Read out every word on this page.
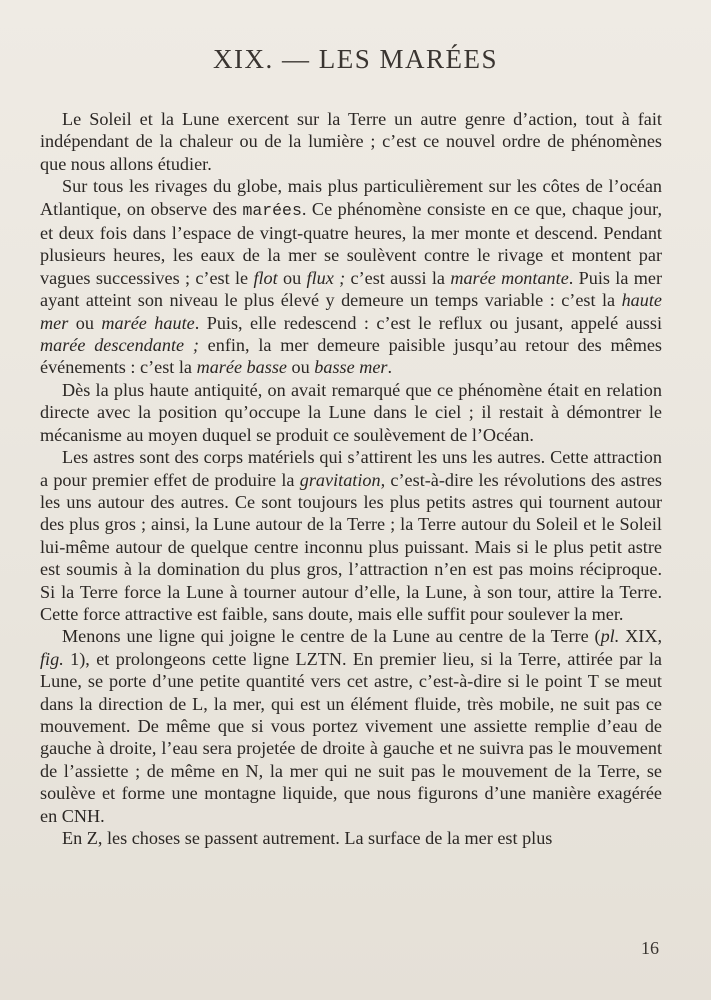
XIX. — LES MARÉES

Le Soleil et la Lune exercent sur la Terre un autre genre d’action, tout à fait indépendant de la chaleur ou de la lumière ; c’est ce nouvel ordre de phénomènes que nous allons étudier.

Sur tous les rivages du globe, mais plus particulièrement sur les côtes de l’océan Atlantique, on observe des marées. Ce phénomène consiste en ce que, chaque jour, et deux fois dans l’espace de vingt-quatre heures, la mer monte et descend. Pendant plusieurs heures, les eaux de la mer se soulèvent contre le rivage et montent par vagues successives ; c’est le flot ou flux ; c’est aussi la marée montante. Puis la mer ayant atteint son niveau le plus élevé y demeure un temps variable : c’est la haute mer ou marée haute. Puis, elle redescend : c’est le reflux ou jusant, appelé aussi marée descendante ; enfin, la mer demeure paisible jusqu’au retour des mêmes événements : c’est la marée basse ou basse mer.

Dès la plus haute antiquité, on avait remarqué que ce phénomène était en relation directe avec la position qu’occupe la Lune dans le ciel ; il restait à démontrer le mécanisme au moyen duquel se produit ce soulèvement de l’Océan.

Les astres sont des corps matériels qui s’attirent les uns les autres. Cette attraction a pour premier effet de produire la gravitation, c’est-à-dire les révolutions des astres les uns autour des autres. Ce sont toujours les plus petits astres qui tournent autour des plus gros ; ainsi, la Lune autour de la Terre ; la Terre autour du Soleil et le Soleil lui-même autour de quelque centre inconnu plus puissant. Mais si le plus petit astre est soumis à la domination du plus gros, l’attraction n’en est pas moins réciproque. Si la Terre force la Lune à tourner autour d’elle, la Lune, à son tour, attire la Terre. Cette force attractive est faible, sans doute, mais elle suffit pour soulever la mer.

Menons une ligne qui joigne le centre de la Lune au centre de la Terre (pl. XIX, fig. 1), et prolongeons cette ligne LZTN. En premier lieu, si la Terre, attirée par la Lune, se porte d’une petite quantité vers cet astre, c’est-à-dire si le point T se meut dans la direction de L, la mer, qui est un élément fluide, très mobile, ne suit pas ce mouvement. De même que si vous portez vivement une assiette remplie d’eau de gauche à droite, l’eau sera projetée de droite à gauche et ne suivra pas le mouvement de l’assiette ; de même en N, la mer qui ne suit pas le mouvement de la Terre, se soulève et forme une montagne liquide, que nous figurons d’une manière exagérée en CNH.

En Z, les choses se passent autrement. La surface de la mer est plus

16
